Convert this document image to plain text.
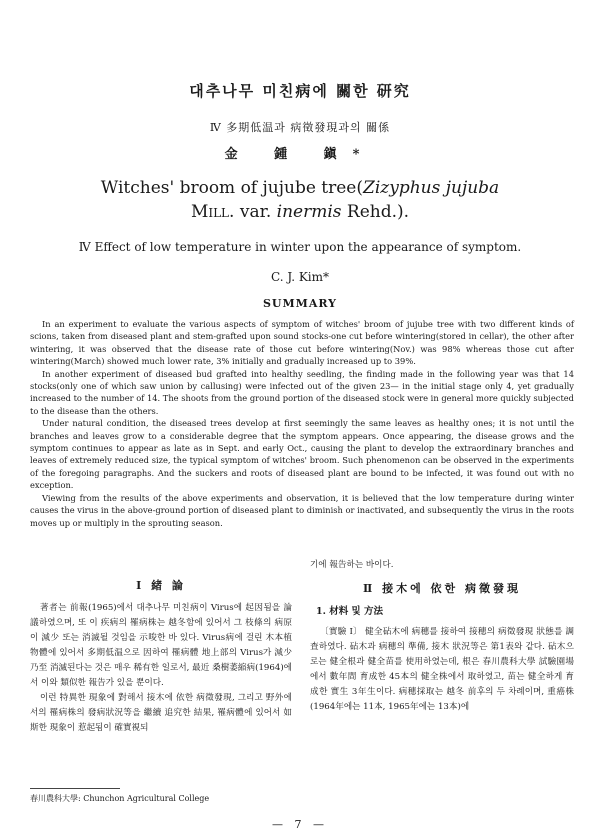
대추나무 미친病에 關한 研究
Ⅳ 多期低温과 病徵發現과의 關係
金 鍾 鎭*
Witches' broom of jujube tree(Zizyphus jujuba
Mill. var. inermis Rehd.).
Ⅳ Effect of low temperature in winter upon the appearance of symptom.
C. J. Kim*
SUMMARY

In an experiment to evaluate the various aspects of symptom of witches' broom of jujube tree with two different kinds of scions, taken from diseased plant and stem-grafted upon sound stocks-one cut before wintering(stored in cellar), the other after wintering, it was observed that the disease rate of those cut before wintering(Nov.) was 98% whereas those cut after wintering(March) showed much lower rate, 3% initially and gradually increased up to 39%.

In another experiment of diseased bud grafted into healthy seedling, the finding made in the following year was that 14 stocks(only one of which saw union by callusing) were infected out of the given 23— in the initial stage only 4, yet gradually increased to the number of 14. The shoots from the ground portion of the diseased stock were in general more quickly subjected to the disease than the others.

Under natural condition, the diseased trees develop at first seemingly the same leaves as healthy ones; it is not until the branches and leaves grow to a considerable degree that the symptom appears. Once appearing, the disease grows and the symptom continues to appear as late as in Sept. and early Oct., causing the plant to develop the extraordinary branches and leaves of extremely reduced size, the typical symptom of witches' broom. Such phenomenon can be observed in the experiments of the foregoing paragraphs. And the suckers and roots of diseased plant are bound to be infected, it was found out with no exception.

Viewing from the results of the above experiments and observation, it is believed that the low temperature during winter causes the virus in the above-ground portion of diseased plant to diminish or inactivated, and subsequently the virus in the roots moves up or multiply in the sprouting season.

Ⅰ 緒 論

著者는 前報(1965)에서 대추나무 미친病이 Virus에 起因됨을 論議하였으며, 또 이 疾病의 罹病株는 越冬함에 있어서 그 枝條의 病原이 減少 또는 消滅될 것임을 示唆한 바 있다. Virus病에 걸린 木本植物體에 있어서 多期低温으로 因하여 罹病體 地上部의 Virus가 減少 乃至 消滅된다는 것은 매우 稀有한 일로서, 最近 桑樹萎縮病(1964)에서 이와 類似한 報告가 있을 뿐이다.

이런 特異한 現象에 對해서 接木에 依한 病徵發現, 그리고 野外에서의 罹病株의 發病狀況等을 繼續 追究한 結果, 罹病體에 있어서 如斯한 現象이 惹起됨이 確實視되

기에 報告하는 바이다.

Ⅱ 接木에 依한 病徵發現
1. 材料 및 方法

〔實驗 Ⅰ〕 健全砧木에 病穗를 接하여 接穗의 病徵發現 狀態를 調査하였다. 砧木과 病穗의 準備, 接木 狀況等은 第1表와 같다. 砧木으로는 健全根과 健全苗를 使用하였는데, 根은 春川農科大學 試驗園場에서 數年間 育成한 45本의 健全株에서 取하였고, 苗는 健全하게 育成한 實生 3年生이다. 病穗採取는 越冬 前후의 두 차례이며, 重癌株(1964年에는 11本, 1965年에는 13本)에

春川農科大學: Chunchon Agricultural College
— 7 —
